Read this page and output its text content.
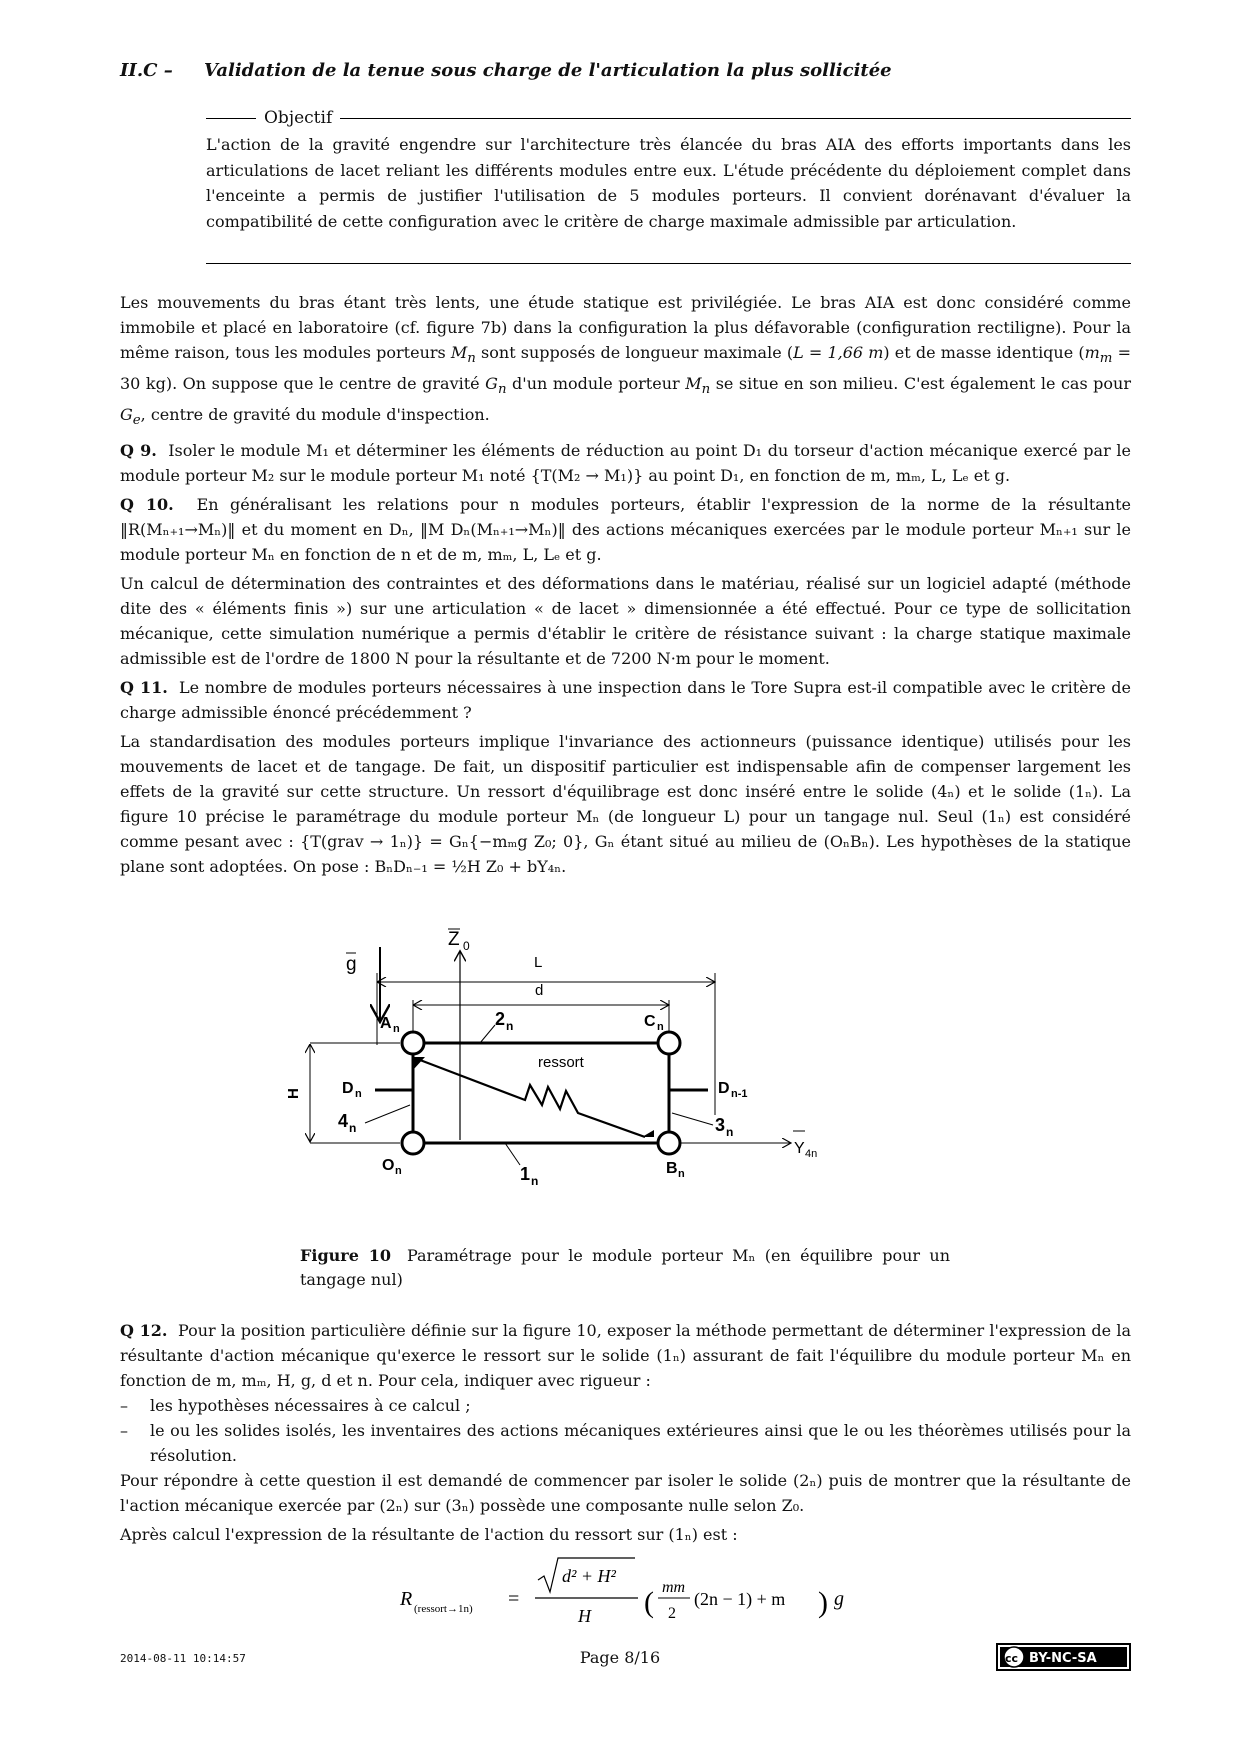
II.C – Validation de la tenue sous charge de l'articulation la plus sollicitée
Objectif
L'action de la gravité engendre sur l'architecture très élancée du bras AIA des efforts importants dans les articulations de lacet reliant les différents modules entre eux. L'étude précédente du déploiement complet dans l'enceinte a permis de justifier l'utilisation de 5 modules porteurs. Il convient dorénavant d'évaluer la compatibilité de cette configuration avec le critère de charge maximale admissible par articulation.

Les mouvements du bras étant très lents, une étude statique est privilégiée. Le bras AIA est donc considéré comme immobile et placé en laboratoire (cf. figure 7b) dans la configuration la plus défavorable (configuration rectiligne). Pour la même raison, tous les modules porteurs $M_n$ sont supposés de longueur maximale (L = 1,66 m) et de masse identique ($m_m = 30$ kg). On suppose que le centre de gravité $G_n$ d'un module porteur $M_n$ se situe en son milieu. C'est également le cas pour $G_e$, centre de gravité du module d'inspection.

Q 9. Isoler le module M₁ et déterminer les éléments de réduction au point D₁ du torseur d'action mécanique exercé par le module porteur M₂ sur le module porteur M₁ noté {T(M₂ → M₁)} au point D₁, en fonction de m, mₘ, L, Lₑ et g.

Q 10. En généralisant les relations pour n modules porteurs, établir l'expression de la norme de la résultante ‖R(Mₙ₊₁→Mₙ)‖ et du moment en Dₙ, ‖M Dₙ(Mₙ₊₁→Mₙ)‖ des actions mécaniques exercées par le module porteur Mₙ₊₁ sur le module porteur Mₙ en fonction de n et de m, mₘ, L, Lₑ et g.

Un calcul de détermination des contraintes et des déformations dans le matériau, réalisé sur un logiciel adapté (méthode dite des « éléments finis ») sur une articulation « de lacet » dimensionnée a été effectué. Pour ce type de sollicitation mécanique, cette simulation numérique a permis d'établir le critère de résistance suivant : la charge statique maximale admissible est de l'ordre de 1800 N pour la résultante et de 7200 N·m pour le moment.

Q 11. Le nombre de modules porteurs nécessaires à une inspection dans le Tore Supra est-il compatible avec le critère de charge admissible énoncé précédemment ?

La standardisation des modules porteurs implique l'invariance des actionneurs (puissance identique) utilisés pour les mouvements de lacet et de tangage. De fait, un dispositif particulier est indispensable afin de compenser largement les effets de la gravité sur cette structure. Un ressort d'équilibrage est donc inséré entre le solide (4ₙ) et le solide (1ₙ). La figure 10 précise le paramétrage du module porteur Mₙ (de longueur L) pour un tangage nul. Seul (1ₙ) est considéré comme pesant avec : {T(grav → 1ₙ)} = Gₙ{−mₘg Z₀; 0}, Gₙ étant situé au milieu de (OₙBₙ). Les hypothèses de la statique plane sont adoptées. On pose : BₙDₙ₋₁ = ½H Z₀ + bY₄ₙ.

Z 0
g	L
d
H
ressort
Y 4n
A n	C n
2 n
D n	D n-1
4 n	3 n
O n	B n
1 n
Figure 10 Paramétrage pour le module porteur Mₙ (en équilibre pour un tangage nul)

Q 12. Pour la position particulière définie sur la figure 10, exposer la méthode permettant de déterminer l'expression de la résultante d'action mécanique qu'exerce le ressort sur le solide (1ₙ) assurant de fait l'équilibre du module porteur Mₙ en fonction de m, mₘ, H, g, d et n. Pour cela, indiquer avec rigueur :

– les hypothèses nécessaires à ce calcul ;
– le ou les solides isolés, les inventaires des actions mécaniques extérieures ainsi que le ou les théorèmes utilisés pour la résolution.

Pour répondre à cette question il est demandé de commencer par isoler le solide (2ₙ) puis de montrer que la résultante de l'action mécanique exercée par (2ₙ) sur (3ₙ) possède une composante nulle selon Z₀.

Après calcul l'expression de la résultante de l'action du ressort sur (1ₙ) est :

R (ressort→1n) =
d² + H²
H ( mm
2
(2n − 1) + m ) g
2014-08-11 10:14:57	Page 8/16	cc BY-NC-SA
